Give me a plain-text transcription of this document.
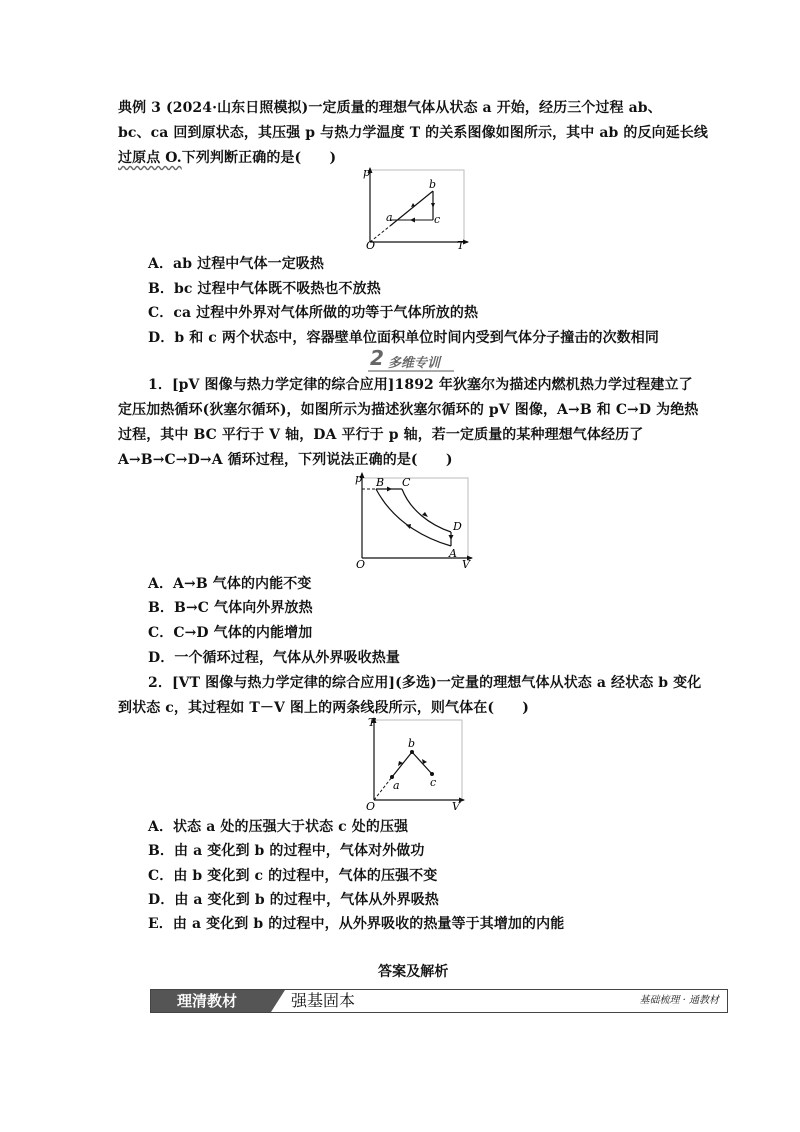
典例 3 (2024·山东日照模拟)一定质量的理想气体从状态 a 开始，经历三个过程 ab、
bc、ca 回到原状态，其压强 p 与热力学温度 T 的关系图像如图所示，其中 ab 的反向延长线
过原点 O.下列判断正确的是(　　)
p
T
O
a
b
c
A．ab 过程中气体一定吸热
B．bc 过程中气体既不吸热也不放热
C．ca 过程中外界对气体所做的功等于气体所放的热
D．b 和 c 两个状态中，容器壁单位面积单位时间内受到气体分子撞击的次数相同
2 多维专训
1．[pV 图像与热力学定律的综合应用]1892 年狄塞尔为描述内燃机热力学过程建立了
定压加热循环(狄塞尔循环)，如图所示为描述狄塞尔循环的 pV 图像，A→B 和 C→D 为绝热
过程，其中 BC 平行于 V 轴，DA 平行于 p 轴，若一定质量的某种理想气体经历了
A→B→C→D→A 循环过程，下列说法正确的是(　　)
p
V
O
A
B C
D
A．A→B 气体的内能不变
B．B→C 气体向外界放热
C．C→D 气体的内能增加
D．一个循环过程，气体从外界吸收热量
2．[VT 图像与热力学定律的综合应用](多选)一定量的理想气体从状态 a 经状态 b 变化
到状态 c，其过程如 T－V 图上的两条线段所示，则气体在(　　)
T
V
O
a
b
c
A．状态 a 处的压强大于状态 c 处的压强
B．由 a 变化到 b 的过程中，气体对外做功
C．由 b 变化到 c 的过程中，气体的压强不变
D．由 a 变化到 b 的过程中，气体从外界吸热
E．由 a 变化到 b 的过程中，从外界吸收的热量等于其增加的内能
答案及解析
理清教材	强基固本	基础梳理 · 通教材
